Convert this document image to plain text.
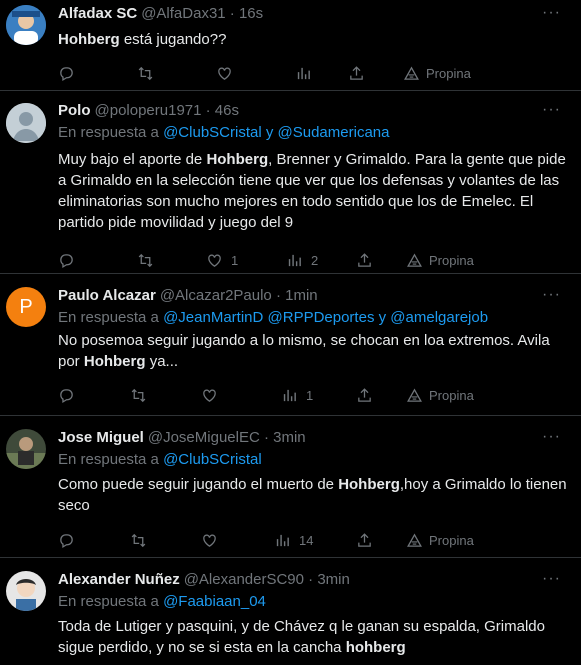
Alfadax SC @AlfaDax31 · 16s	···
Hohberg está jugando??
Propina
Polo @poloperu1971 · 46s	···
En respuesta a @ClubSCristal y @Sudamericana
Muy bajo el aporte de Hohberg, Brenner y Grimaldo. Para la gente que pide a Grimaldo en la selección tiene que ver que los defensas y volantes de las eliminatorias son mucho mejores en todo sentido que los de Emelec. El partido pide movilidad y juego del 9
1	2	Propina
P Paulo Alcazar @Alcazar2Paulo · 1min	···
En respuesta a @JeanMartinD @RPPDeportes y @amelgarejob
No posemoa seguir jugando a lo mismo, se chocan en loa extremos. Avila por Hohberg ya...
1	Propina
Jose Miguel @JoseMiguelEC · 3min	···
En respuesta a @ClubSCristal
Como puede seguir jugando el muerto de Hohberg,hoy a Grimaldo lo tienen seco
14	Propina
Alexander Nuñez @AlexanderSC90 · 3min	···
En respuesta a @Faabiaan_04
Toda de Lutiger y pasquini, y de Chávez q le ganan su espalda, Grimaldo sigue perdido, y no se si esta en la cancha hohberg
